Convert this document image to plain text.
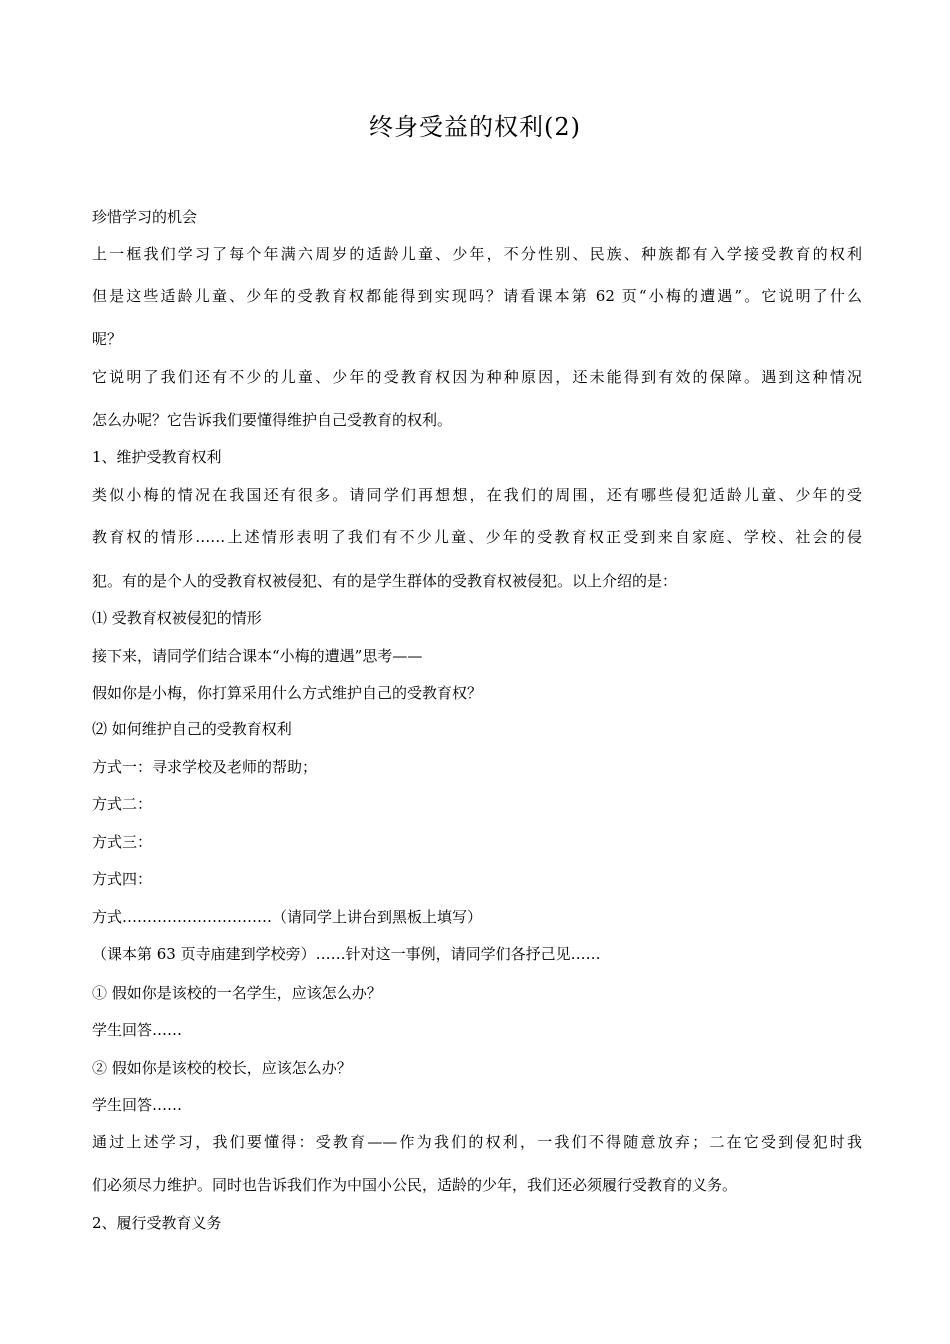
终身受益的权利(2)
珍惜学习的机会
上一框我们学习了每个年满六周岁的适龄儿童、少年，不分性别、民族、种族都有入学接受教育的权利
但是这些适龄儿童、少年的受教育权都能得到实现吗？请看课本第 62 页“小梅的遭遇”。它说明了什么
呢？
它说明了我们还有不少的儿童、少年的受教育权因为种种原因，还未能得到有效的保障。遇到这种情况
怎么办呢？它告诉我们要懂得维护自己受教育的权利。
1、维护受教育权利
类似小梅的情况在我国还有很多。请同学们再想想，在我们的周围，还有哪些侵犯适龄儿童、少年的受
教育权的情形……上述情形表明了我们有不少儿童、少年的受教育权正受到来自家庭、学校、社会的侵
犯。有的是个人的受教育权被侵犯、有的是学生群体的受教育权被侵犯。以上介绍的是：
⑴ 受教育权被侵犯的情形
接下来，请同学们结合课本“小梅的遭遇”思考——
假如你是小梅，你打算采用什么方式维护自己的受教育权？
⑵ 如何维护自己的受教育权利
方式一：寻求学校及老师的帮助；
方式二：
方式三：
方式四：
方式…………………………（请同学上讲台到黑板上填写）
（课本第 63 页寺庙建到学校旁）……针对这一事例，请同学们各抒己见……
① 假如你是该校的一名学生，应该怎么办？
学生回答……
② 假如你是该校的校长，应该怎么办？
学生回答……
通过上述学习，我们要懂得：受教育——作为我们的权利，一我们不得随意放弃；二在它受到侵犯时我
们必须尽力维护。同时也告诉我们作为中国小公民，适龄的少年，我们还必须履行受教育的义务。
2、履行受教育义务
